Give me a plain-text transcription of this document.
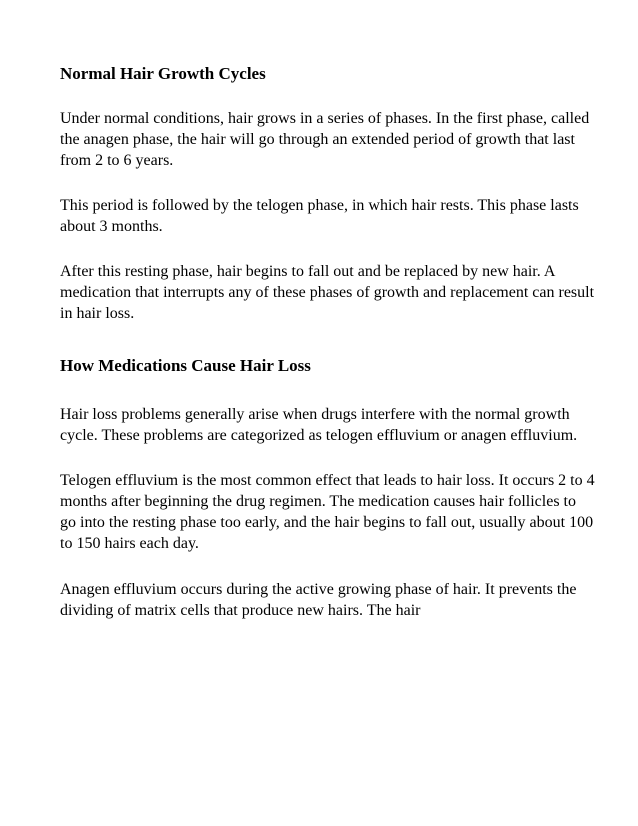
Normal Hair Growth Cycles

Under normal conditions, hair grows in a series of phases. In the first phase, called the anagen phase, the hair will go through an extended period of growth that last from 2 to 6 years.

This period is followed by the telogen phase, in which hair rests. This phase lasts about 3 months.

After this resting phase, hair begins to fall out and be replaced by new hair. A medication that interrupts any of these phases of growth and replacement can result in hair loss.

How Medications Cause Hair Loss

Hair loss problems generally arise when drugs interfere with the normal growth cycle. These problems are categorized as telogen effluvium or anagen effluvium.

Telogen effluvium is the most common effect that leads to hair loss. It occurs 2 to 4 months after beginning the drug regimen. The medication causes hair follicles to go into the resting phase too early, and the hair begins to fall out, usually about 100 to 150 hairs each day.

Anagen effluvium occurs during the active growing phase of hair. It prevents the dividing of matrix cells that produce new hairs. The hair
